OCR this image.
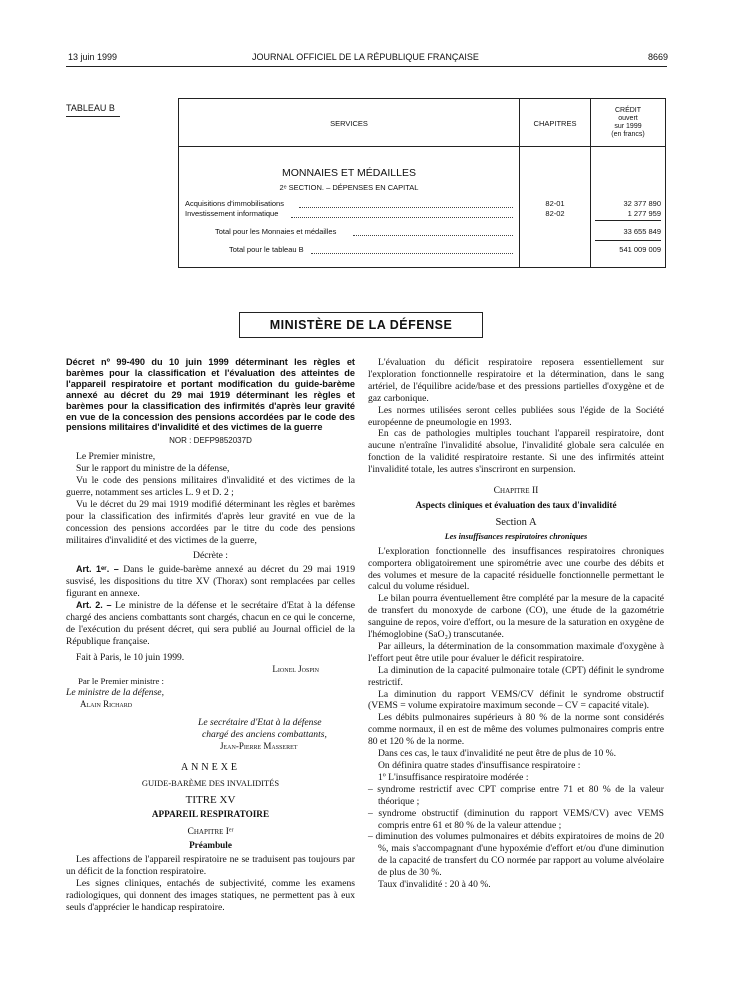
13 juin 1999	JOURNAL OFFICIEL DE LA RÉPUBLIQUE FRANÇAISE	8669
TABLEAU B
SERVICES	CHAPITRES
CRÉDIT
ouvert
sur 1999
(en francs)
MONNAIES ET MÉDAILLES
2ᵉ SECTION. – DÉPENSES EN CAPITAL
Acquisitions d'immobilisations	82-01	32 377 890
Investissement informatique	82-02	1 277 959
Total pour les Monnaies et médailles	33 655 849
Total pour le tableau B	541 009 009
MINISTÈRE DE LA DÉFENSE

Décret nº 99-490 du 10 juin 1999 déterminant les règles et barèmes pour la classification et l'évaluation des atteintes de l'appareil respiratoire et portant modification du guide-barème annexé au décret du 29 mai 1919 déterminant les règles et barèmes pour la classification des infirmités d'après leur gravité en vue de la concession des pensions accordées par le code des pensions militaires d'invalidité et des victimes de la guerre

NOR : DEFP9852037D

Le Premier ministre,

Sur le rapport du ministre de la défense,

Vu le code des pensions militaires d'invalidité et des victimes de la guerre, notamment ses articles L. 9 et D. 2 ;

Vu le décret du 29 mai 1919 modifié déterminant les règles et barèmes pour la classification des infirmités d'après leur gravité en vue de la concession des pensions accordées par le titre du code des pensions militaires d'invalidité et des victimes de la guerre,

Décrète :

Art. 1ᵉʳ. – Dans le guide-barème annexé au décret du 29 mai 1919 susvisé, les dispositions du titre XV (Thorax) sont remplacées par celles figurant en annexe.

Art. 2. – Le ministre de la défense et le secrétaire d'Etat à la défense chargé des anciens combattants sont chargés, chacun en ce qui le concerne, de l'exécution du présent décret, qui sera publié au Journal officiel de la République française.

Fait à Paris, le 10 juin 1999.

Lionel Jospin

Par le Premier ministre :

Le ministre de la défense,

Alain Richard

Le secrétaire d'Etat à la défense

chargé des anciens combattants,

Jean-Pierre Masseret

ANNEXE

GUIDE-BARÈME DES INVALIDITÉS

TITRE XV

APPAREIL RESPIRATOIRE

Chapitre Iᵉʳ

Préambule

Les affections de l'appareil respiratoire ne se traduisent pas toujours par un déficit de la fonction respiratoire.

Les signes cliniques, entachés de subjectivité, comme les examens radiologiques, qui donnent des images statiques, ne permettent pas à eux seuls d'apprécier le handicap respiratoire.

L'évaluation du déficit respiratoire reposera essentiellement sur l'exploration fonctionnelle respiratoire et la détermination, dans le sang artériel, de l'équilibre acide/base et des pressions partielles d'oxygène et de gaz carbonique.

Les normes utilisées seront celles publiées sous l'égide de la Société européenne de pneumologie en 1993.

En cas de pathologies multiples touchant l'appareil respiratoire, dont aucune n'entraîne l'invalidité absolue, l'invalidité globale sera calculée en fonction de la validité respiratoire restante. Si une des infirmités atteint l'invalidité totale, les autres s'inscriront en surpension.

Chapitre II

Aspects cliniques et évaluation des taux d'invalidité

Section A

Les insuffisances respiratoires chroniques

L'exploration fonctionnelle des insuffisances respiratoires chroniques comportera obligatoirement une spirométrie avec une courbe des débits et des volumes et mesure de la capacité résiduelle fonctionnelle permettant le calcul du volume résiduel.

Le bilan pourra éventuellement être complété par la mesure de la capacité de transfert du monoxyde de carbone (CO), une étude de la gazométrie sanguine de repos, voire d'effort, ou la mesure de la saturation en oxygène de l'hémoglobine (SaO₂) transcutanée.

Par ailleurs, la détermination de la consommation maximale d'oxygène à l'effort peut être utile pour évaluer le déficit respiratoire.

La diminution de la capacité pulmonaire totale (CPT) définit le syndrome restrictif.

La diminution du rapport VEMS/CV définit le syndrome obstructif (VEMS = volume expiratoire maximum seconde – CV = capacité vitale).

Les débits pulmonaires supérieurs à 80 % de la norme sont considérés comme normaux, il en est de même des volumes pulmonaires compris entre 80 et 120 % de la norme.

Dans ces cas, le taux d'invalidité ne peut être de plus de 10 %.

On définira quatre stades d'insuffisance respiratoire :

1º L'insuffisance respiratoire modérée :

– syndrome restrictif avec CPT comprise entre 71 et 80 % de la valeur théorique ;

– syndrome obstructif (diminution du rapport VEMS/CV) avec VEMS compris entre 61 et 80 % de la valeur attendue ;

– diminution des volumes pulmonaires et débits expiratoires de moins de 20 %, mais s'accompagnant d'une hypoxémie d'effort et/ou d'une diminution de la capacité de transfert du CO normée par rapport au volume alvéolaire de plus de 30 %.

Taux d'invalidité : 20 à 40 %.
